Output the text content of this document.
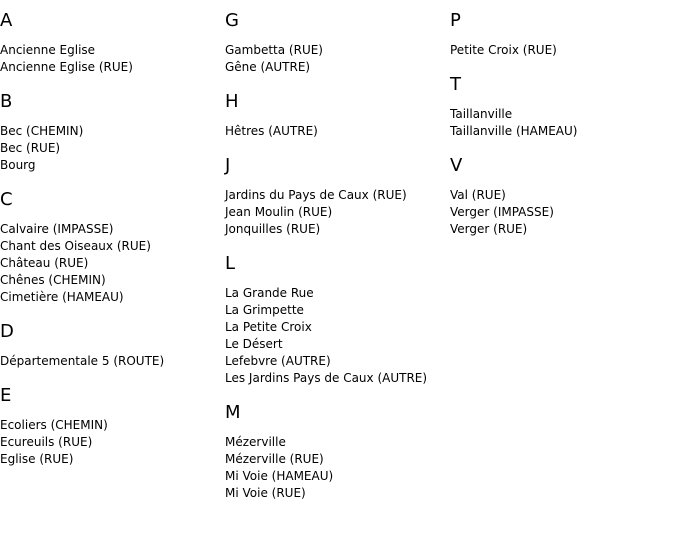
A
Ancienne Eglise
Ancienne Eglise (RUE)
B
Bec (CHEMIN)
Bec (RUE)
Bourg
C
Calvaire (IMPASSE)
Chant des Oiseaux (RUE)
Château (RUE)
Chênes (CHEMIN)
Cimetière (HAMEAU)
D
Départementale 5 (ROUTE)
E
Ecoliers (CHEMIN)
Ecureuils (RUE)
Eglise (RUE)
G
Gambetta (RUE)
Gêne (AUTRE)
H
Hêtres (AUTRE)
J
Jardins du Pays de Caux (RUE)
Jean Moulin (RUE)
Jonquilles (RUE)
L
La Grande Rue
La Grimpette
La Petite Croix
Le Désert
Lefebvre (AUTRE)
Les Jardins Pays de Caux (AUTRE)
M
Mézerville
Mézerville (RUE)
Mi Voie (HAMEAU)
Mi Voie (RUE)
P
Petite Croix (RUE)
T
Taillanville
Taillanville (HAMEAU)
V
Val (RUE)
Verger (IMPASSE)
Verger (RUE)
